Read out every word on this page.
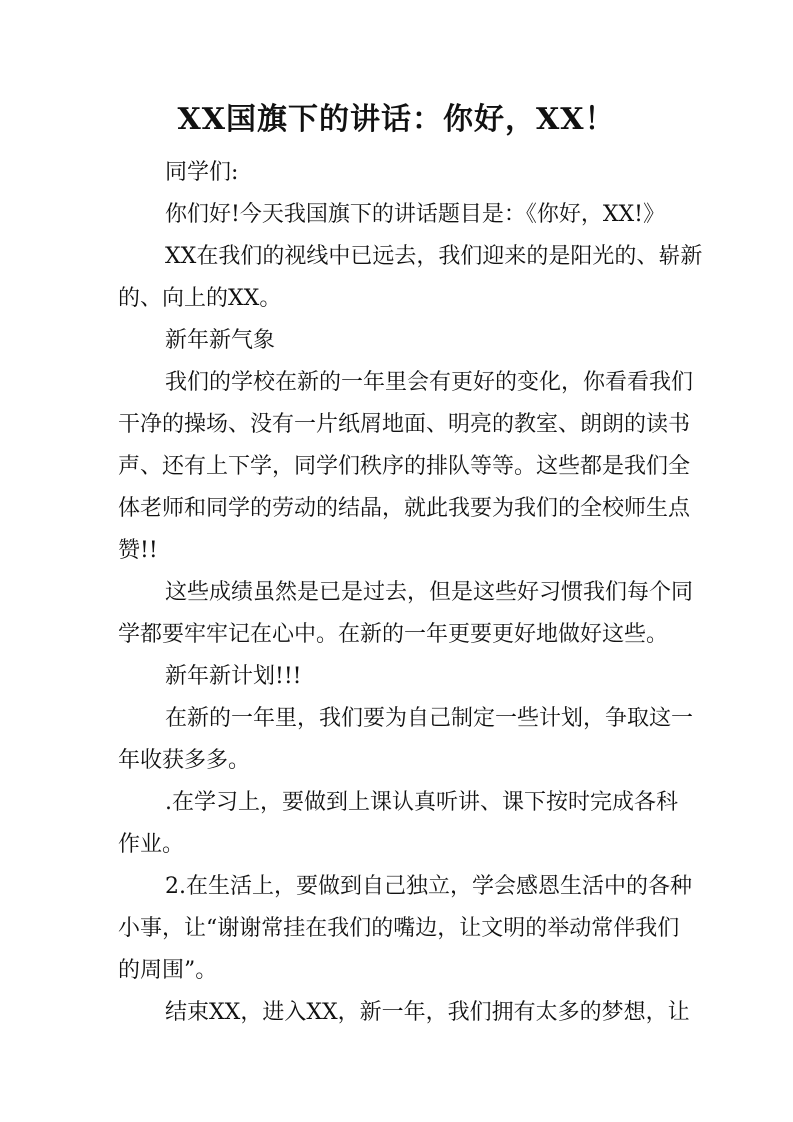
XX国旗下的讲话：你好，XX！
同学们:
你们好!今天我国旗下的讲话题目是：《你好，XX!》
XX在我们的视线中已远去，我们迎来的是阳光的、崭新
的、向上的XX。
新年新气象
我们的学校在新的一年里会有更好的变化，你看看我们
干净的操场、没有一片纸屑地面、明亮的教室、朗朗的读书
声、还有上下学，同学们秩序的排队等等。这些都是我们全
体老师和同学的劳动的结晶，就此我要为我们的全校师生点
赞!!
这些成绩虽然是已是过去，但是这些好习惯我们每个同
学都要牢牢记在心中。在新的一年更要更好地做好这些。
新年新计划!!!
在新的一年里，我们要为自己制定一些计划，争取这一
年收获多多。
.在学习上，要做到上课认真听讲、课下按时完成各科
作业。
2.在生活上，要做到自己独立，学会感恩生活中的各种
小事，让“谢谢常挂在我们的嘴边，让文明的举动常伴我们
的周围”。
结束XX，进入XX，新一年，我们拥有太多的梦想，让
